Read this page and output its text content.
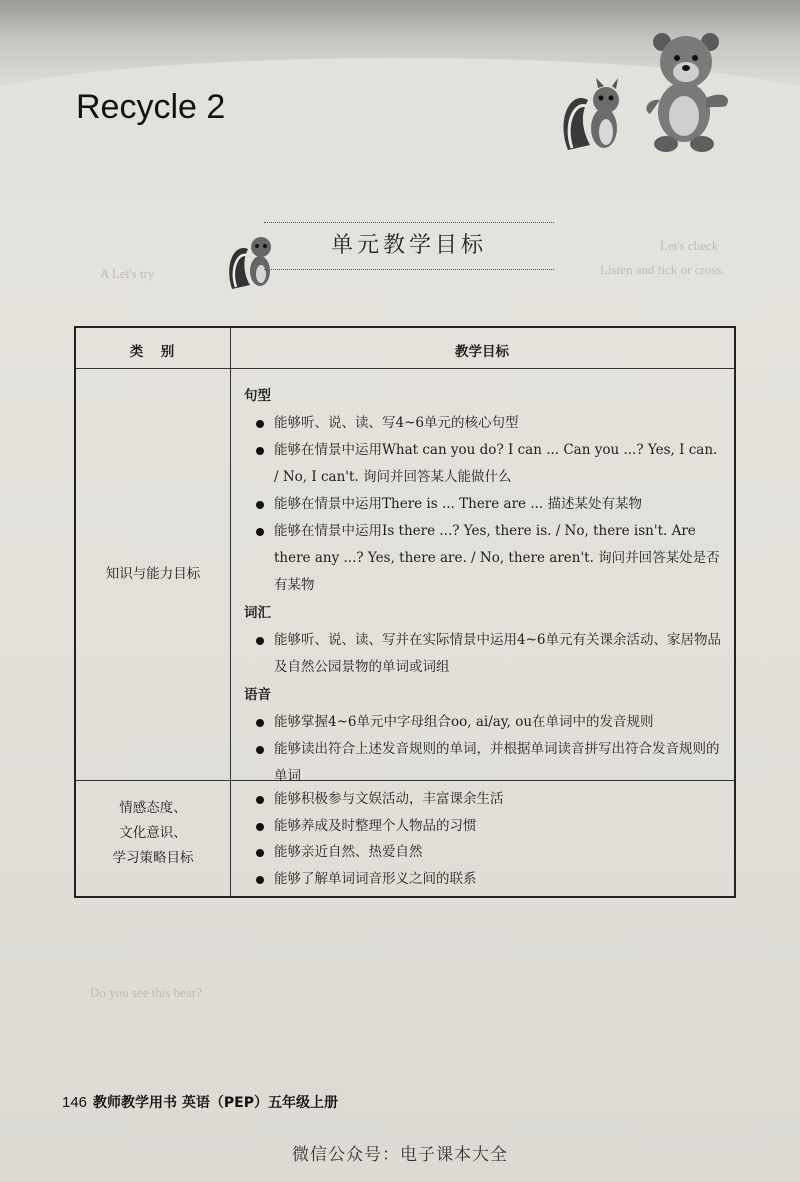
Listen and tick or cross.
Let's check
A Let's try
Recycle 2
单元教学目标
类　别	教学目标
知识与能力目标

句型

能够听、说、读、写4~6单元的核心句型
能够在情景中运用What can you do? I can ... Can you ...? Yes, I can. / No, I can't. 询问并回答某人能做什么
能够在情景中运用There is ... There are ... 描述某处有某物
能够在情景中运用Is there ...? Yes, there is. / No, there isn't. Are there any ...? Yes, there are. / No, there aren't. 询问并回答某处是否有某物

词汇

能够听、说、读、写并在实际情景中运用4~6单元有关课余活动、家居物品及自然公园景物的单词或词组

语音

能够掌握4~6单元中字母组合oo, ai/ay, ou在单词中的发音规则
能够读出符合上述发音规则的单词，并根据单词读音拼写出符合发音规则的单词
情感态度、
文化意识、
学习策略目标
能够积极参与文娱活动，丰富课余生活
能够养成及时整理个人物品的习惯
能够亲近自然、热爱自然
能够了解单词词音形义之间的联系
Do you see this bear?
146 教师教学用书 英语（PEP）五年级上册
微信公众号：电子课本大全
